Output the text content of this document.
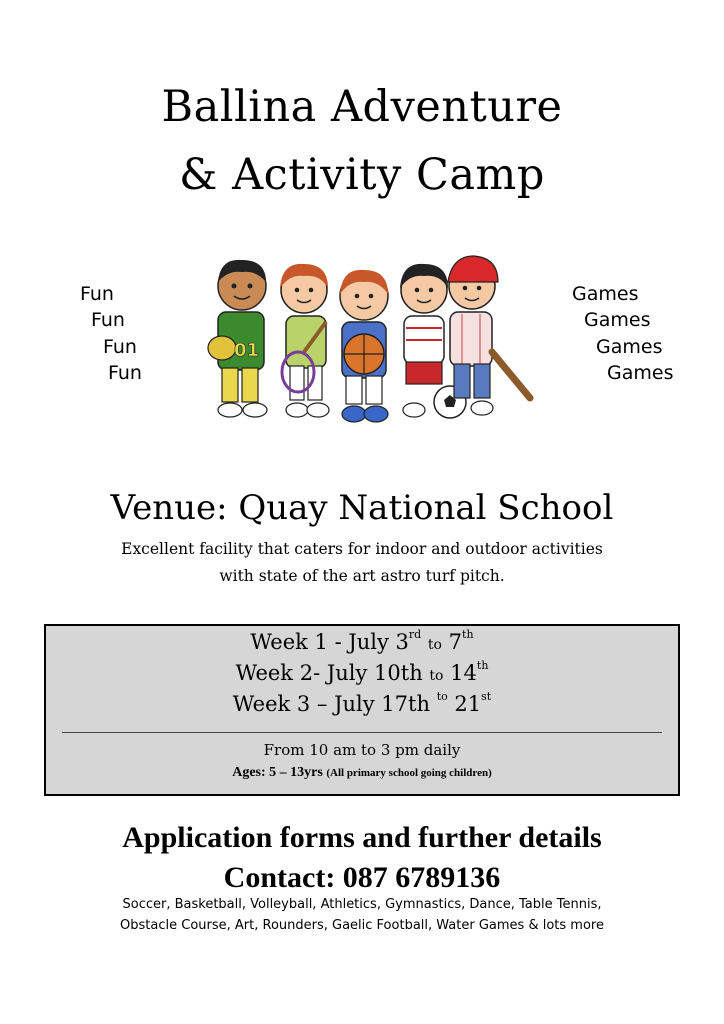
Ballina Adventure
& Activity Camp
Fun
Fun
Fun
Fun
Games
Games
Games
Games
01
Venue: Quay National School
Excellent facility that caters for indoor and outdoor activities
with state of the art astro turf pitch.
Week 1 - July 3rd to 7th
Week 2- July 10th to 14th
Week 3 – July 17th $^{to}$ 21st
From 10 am to 3 pm daily
Ages: 5 – 13yrs (All primary school going children)
Application forms and further details
Contact: 087 6789136
Soccer, Basketball, Volleyball, Athletics, Gymnastics, Dance, Table Tennis,
Obstacle Course, Art, Rounders, Gaelic Football, Water Games & lots more
